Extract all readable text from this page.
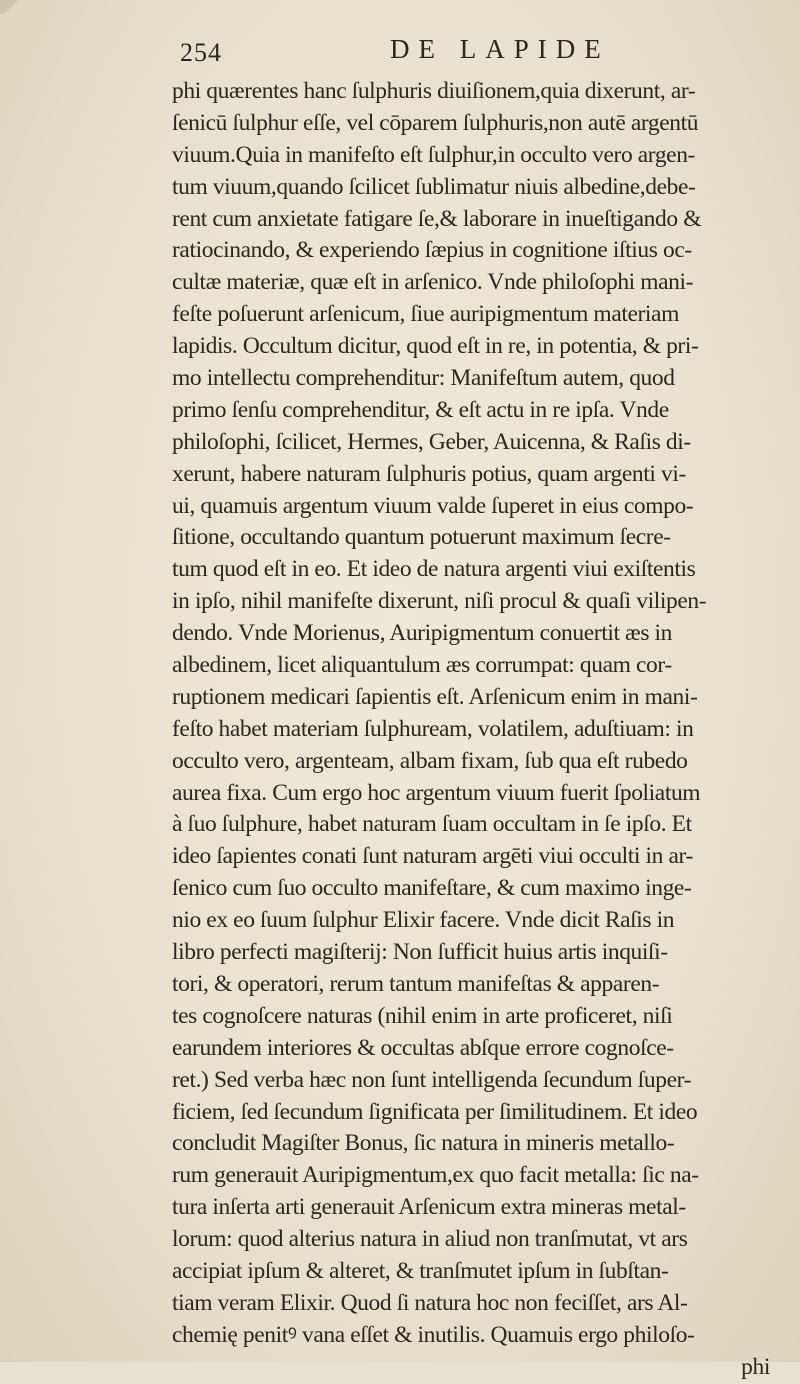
254	DE LAPIDE
phi quærentes hanc ſulphuris diuiſionem,quia dixerunt, ar-
ſenicū ſulphur eſſe, vel cōparem ſulphuris,non autē argentū
viuum.Quia in manifeſto eſt ſulphur,in occulto vero argen-
tum viuum,quando ſcilicet ſublimatur niuis albedine,debe-
rent cum anxietate fatigare ſe,& laborare in inueſtigando &
ratiocinando, & experiendo ſæpius in cognitione iſtius oc-
cultæ materiæ, quæ eſt in arſenico. Vnde philoſophi mani-
feſte poſuerunt arſenicum, ſiue auripigmentum materiam
lapidis. Occultum dicitur, quod eſt in re, in potentia, & pri-
mo intellectu comprehenditur: Manifeſtum autem, quod
primo ſenſu comprehenditur, & eſt actu in re ipſa. Vnde
philoſophi, ſcilicet, Hermes, Geber, Auicenna, & Raſis di-
xerunt, habere naturam ſulphuris potius, quam argenti vi-
ui, quamuis argentum viuum valde ſuperet in eius compo-
ſitione, occultando quantum potuerunt maximum ſecre-
tum quod eſt in eo. Et ideo de natura argenti viui exiſtentis
in ipſo, nihil manifeſte dixerunt, niſi procul & quaſi vilipen-
dendo. Vnde Morienus, Auripigmentum conuertit æs in
albedinem, licet aliquantulum æs corrumpat: quam cor-
ruptionem medicari ſapientis eſt. Arſenicum enim in mani-
feſto habet materiam ſulphuream, volatilem, aduſtiuam: in
occulto vero, argenteam, albam fixam, ſub qua eſt rubedo
aurea fixa. Cum ergo hoc argentum viuum fuerit ſpoliatum
à ſuo ſulphure, habet naturam ſuam occultam in ſe ipſo. Et
ideo ſapientes conati ſunt naturam argēti viui occulti in ar-
ſenico cum ſuo occulto manifeſtare, & cum maximo inge-
nio ex eo ſuum ſulphur Elixir facere. Vnde dicit Raſis in
libro perfecti magiſterij: Non ſufficit huius artis inquiſi-
tori, & operatori, rerum tantum manifeſtas & apparen-
tes cognoſcere naturas (nihil enim in arte proficeret, niſi
earundem interiores & occultas abſque errore cognoſce-
ret.) Sed verba hæc non ſunt intelligenda ſecundum ſuper-
ficiem, ſed ſecundum ſignificata per ſimilitudinem. Et ideo
concludit Magiſter Bonus, ſic natura in mineris metallo-
rum generauit Auripigmentum,ex quo facit metalla: ſic na-
tura inſerta arti generauit Arſenicum extra mineras metal-
lorum: quod alterius natura in aliud non tranſmutat, vt ars
accipiat ipſum & alteret, & tranſmutet ipſum in ſubſtan-
tiam veram Elixir. Quod ſi natura hoc non feciſſet, ars Al-
chemię penitꝰ vana eſſet & inutilis. Quamuis ergo philoſo-
phi
